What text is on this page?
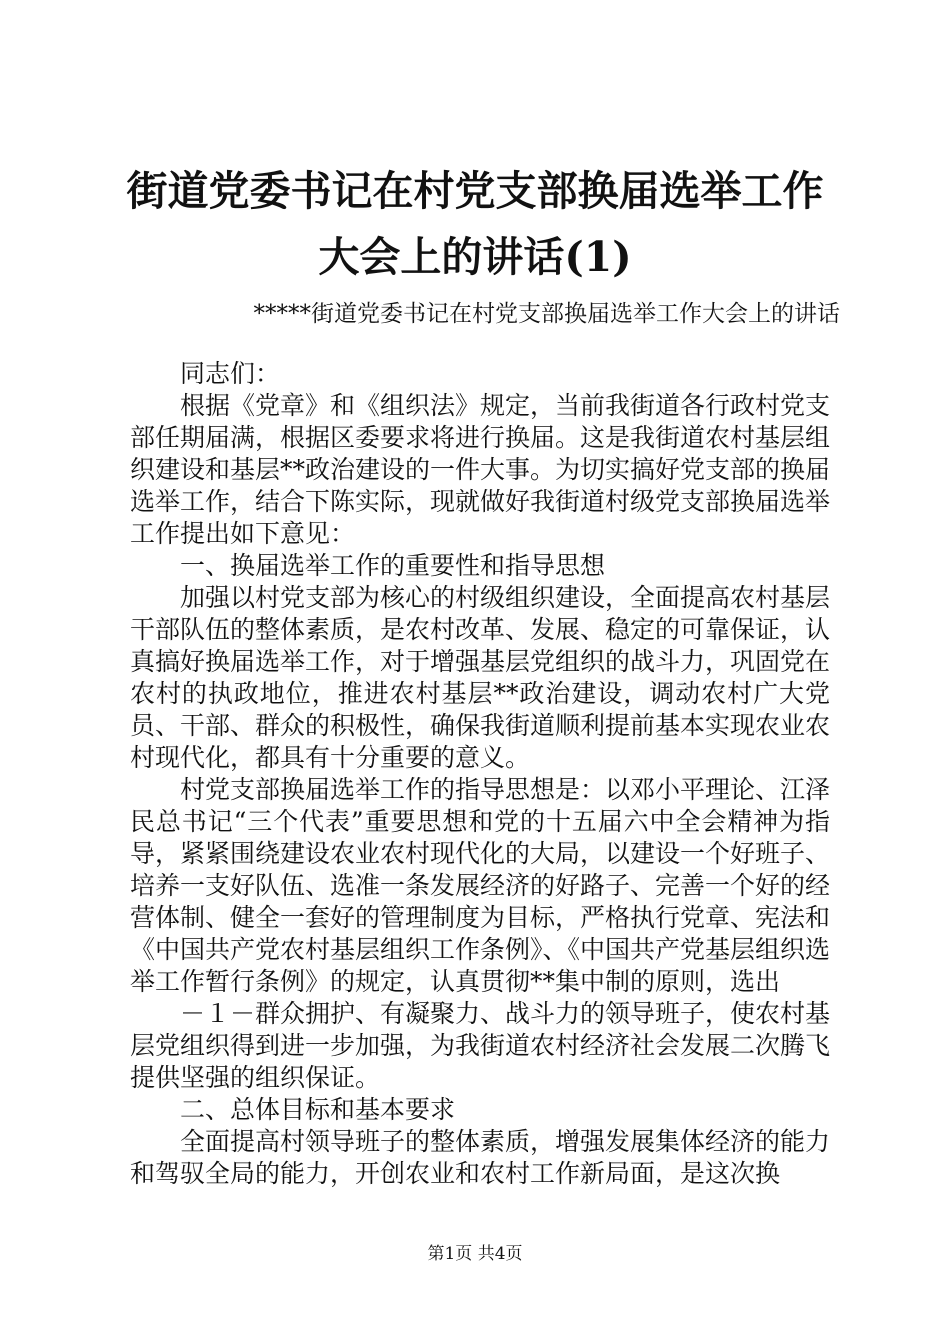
街道党委书记在村党支部换届选举工作大会上的讲话(1)

*****街道党委书记在村党支部换届选举工作大会上的讲话

同志们：

根据《党章》和《组织法》规定，当前我街道各行政村党支部任期届满，根据区委要求将进行换届。这是我街道农村基层组织建设和基层**政治建设的一件大事。为切实搞好党支部的换届选举工作，结合下陈实际，现就做好我街道村级党支部换届选举工作提出如下意见：

一、换届选举工作的重要性和指导思想

加强以村党支部为核心的村级组织建设，全面提高农村基层干部队伍的整体素质，是农村改革、发展、稳定的可靠保证，认真搞好换届选举工作，对于增强基层党组织的战斗力，巩固党在农村的执政地位，推进农村基层**政治建设，调动农村广大党员、干部、群众的积极性，确保我街道顺利提前基本实现农业农村现代化，都具有十分重要的意义。

村党支部换届选举工作的指导思想是：以邓小平理论、江泽民总书记“三个代表”重要思想和党的十五届六中全会精神为指导，紧紧围绕建设农业农村现代化的大局，以建设一个好班子、培养一支好队伍、选准一条发展经济的好路子、完善一个好的经营体制、健全一套好的管理制度为目标，严格执行党章、宪法和《中国共产党农村基层组织工作条例》、《中国共产党基层组织选举工作暂行条例》的规定，认真贯彻**集中制的原则，选出

－１－群众拥护、有凝聚力、战斗力的领导班子，使农村基层党组织得到进一步加强，为我街道农村经济社会发展二次腾飞提供坚强的组织保证。

二、总体目标和基本要求

全面提高村领导班子的整体素质，增强发展集体经济的能力和驾驭全局的能力，开创农业和农村工作新局面，是这次换

第1页 共4页
